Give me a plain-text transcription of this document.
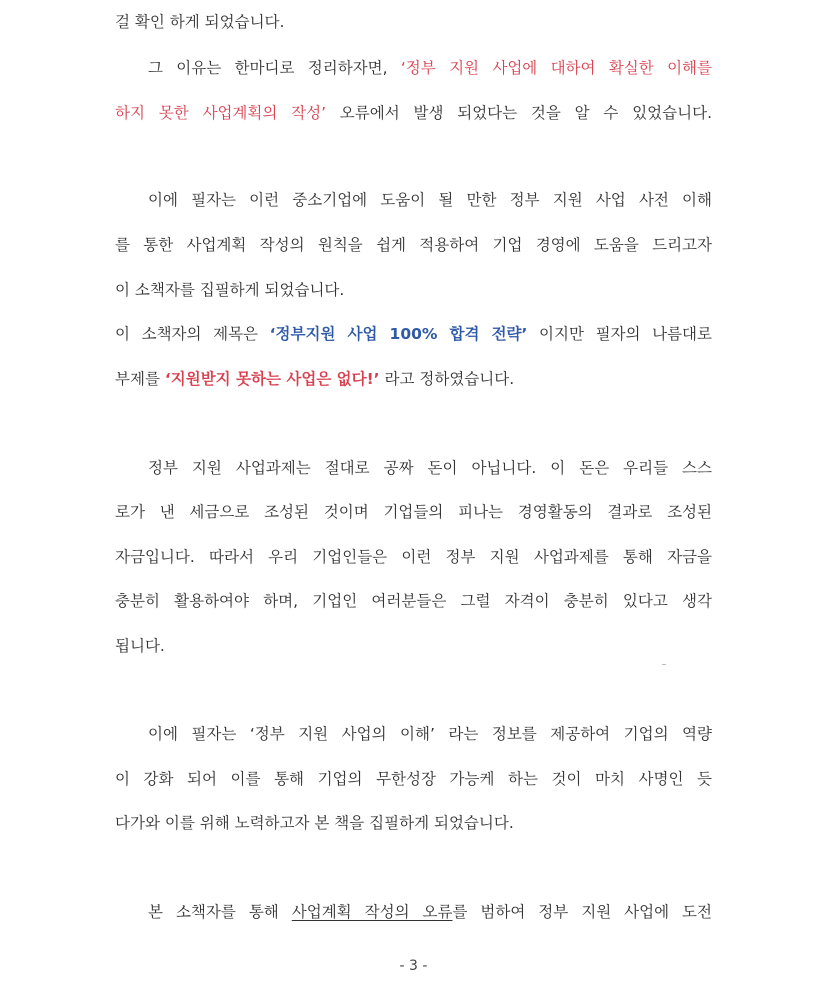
걸 확인 하게 되었습니다.
그 이유는 한마디로 정리하자면, ‘정부 지원 사업에 대하여 확실한 이해를
하지 못한 사업계획의 작성’ 오류에서 발생 되었다는 것을 알 수 있었습니다.
이에 필자는 이런 중소기업에 도움이 될 만한 정부 지원 사업 사전 이해
를 통한 사업계획 작성의 원칙을 쉽게 적용하여 기업 경영에 도움을 드리고자
이 소책자를 집필하게 되었습니다.
이 소책자의 제목은 ‘정부지원 사업 100% 합격 전략’ 이지만 필자의 나름대로
부제를 ‘지원받지 못하는 사업은 없다!’ 라고 정하였습니다.
정부 지원 사업과제는 절대로 공짜 돈이 아닙니다. 이 돈은 우리들 스스
로가 낸 세금으로 조성된 것이며 기업들의 피나는 경영활동의 결과로 조성된
자금입니다. 따라서 우리 기업인들은 이런 정부 지원 사업과제를 통해 자금을
충분히 활용하여야 하며, 기업인 여러분들은 그럴 자격이 충분히 있다고 생각
됩니다.
이에 필자는 ‘정부 지원 사업의 이해’ 라는 정보를 제공하여 기업의 역량
이 강화 되어 이를 통해 기업의 무한성장 가능케 하는 것이 마치 사명인 듯
다가와 이를 위해 노력하고자 본 책을 집필하게 되었습니다.
본 소책자를 통해 사업계획 작성의 오류를 범하여 정부 지원 사업에 도전
- 3 -
